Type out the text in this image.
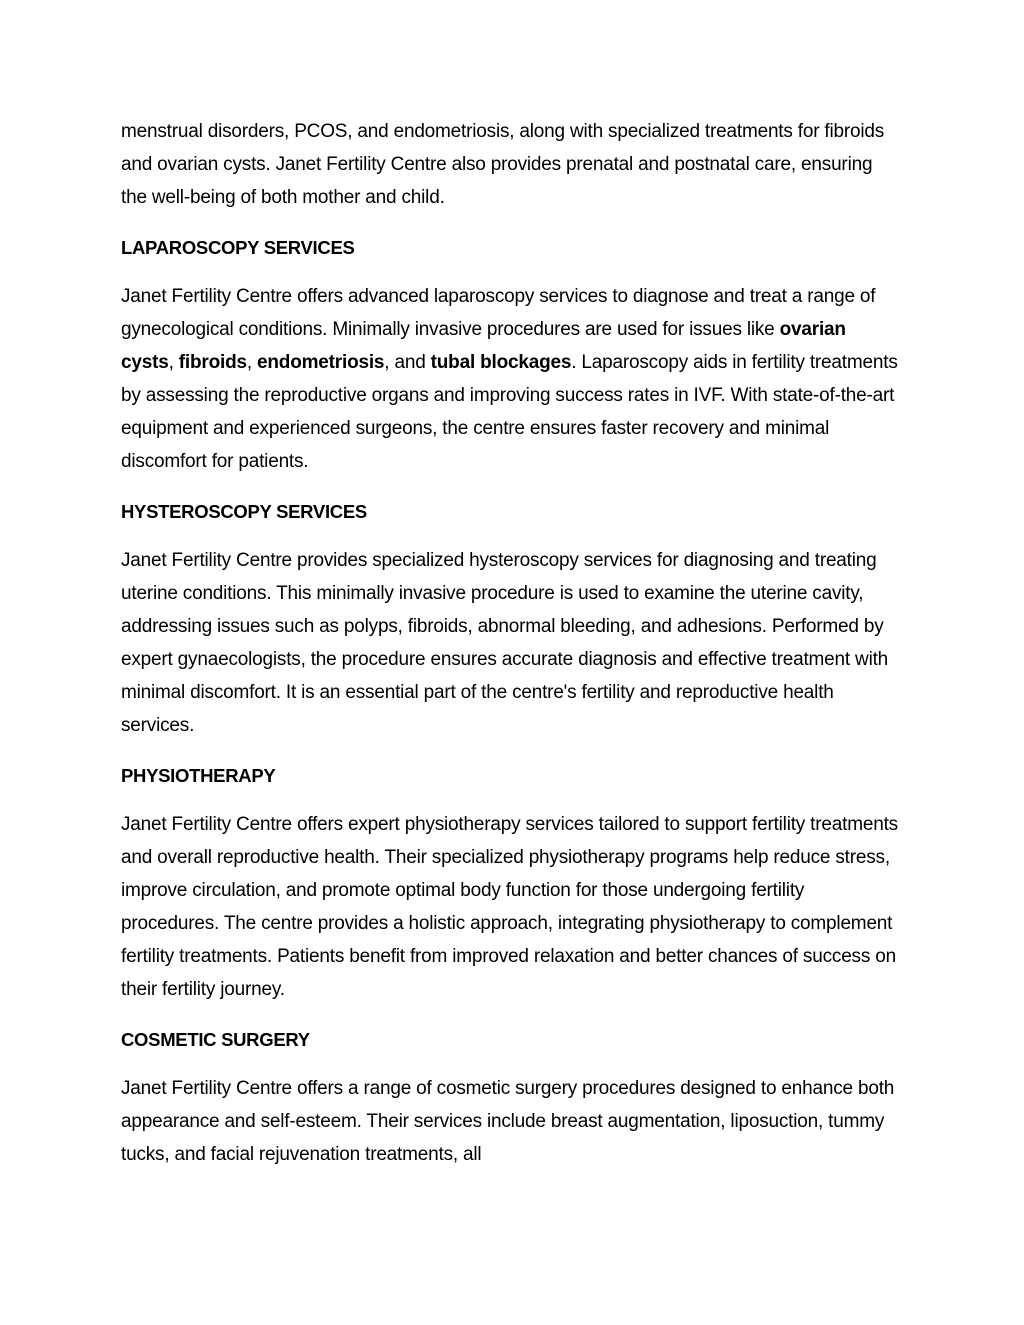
menstrual disorders, PCOS, and endometriosis, along with specialized treatments for fibroids and ovarian cysts. Janet Fertility Centre also provides prenatal and postnatal care, ensuring the well-being of both mother and child.

LAPAROSCOPY SERVICES

Janet Fertility Centre offers advanced laparoscopy services to diagnose and treat a range of gynecological conditions. Minimally invasive procedures are used for issues like ovarian cysts, fibroids, endometriosis, and tubal blockages. Laparoscopy aids in fertility treatments by assessing the reproductive organs and improving success rates in IVF. With state-of-the-art equipment and experienced surgeons, the centre ensures faster recovery and minimal discomfort for patients.

HYSTEROSCOPY SERVICES

Janet Fertility Centre provides specialized hysteroscopy services for diagnosing and treating uterine conditions. This minimally invasive procedure is used to examine the uterine cavity, addressing issues such as polyps, fibroids, abnormal bleeding, and adhesions. Performed by expert gynaecologists, the procedure ensures accurate diagnosis and effective treatment with minimal discomfort. It is an essential part of the centre's fertility and reproductive health services.

PHYSIOTHERAPY

Janet Fertility Centre offers expert physiotherapy services tailored to support fertility treatments and overall reproductive health. Their specialized physiotherapy programs help reduce stress, improve circulation, and promote optimal body function for those undergoing fertility procedures. The centre provides a holistic approach, integrating physiotherapy to complement fertility treatments. Patients benefit from improved relaxation and better chances of success on their fertility journey.

COSMETIC SURGERY

Janet Fertility Centre offers a range of cosmetic surgery procedures designed to enhance both appearance and self-esteem. Their services include breast augmentation, liposuction, tummy tucks, and facial rejuvenation treatments, all
